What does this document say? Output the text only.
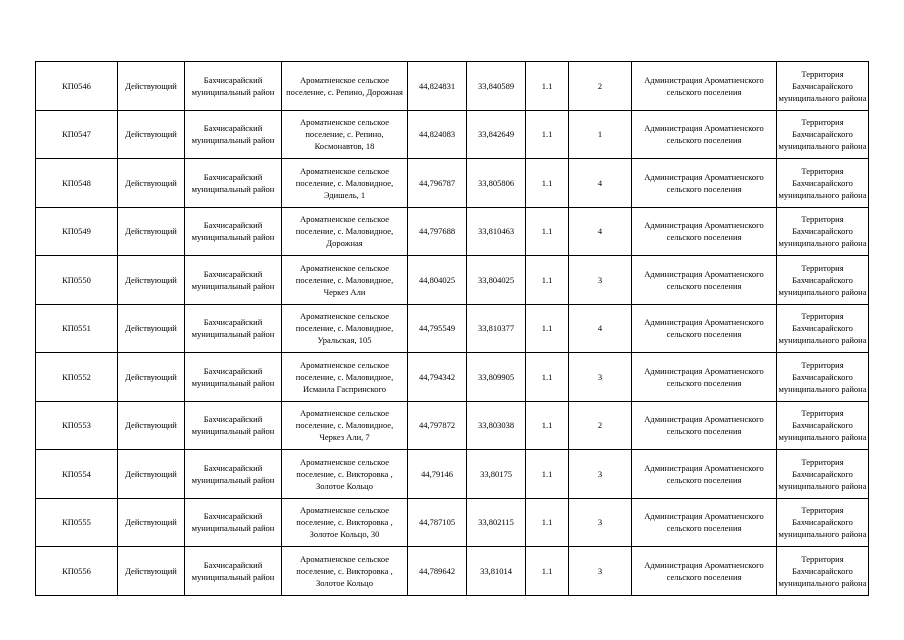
КП0546	Действующий	Бахчисарайский муниципальный район	Ароматненское сельское поселение, с. Репино, Дорожная	44,824831	33,840589	1.1	2	Администрация Ароматненского сельского поселения	Территория Бахчисарайского муниципального района
КП0547	Действующий	Бахчисарайский муниципальный район	Ароматненское сельское поселение, с. Репино, Космонавтов, 18	44,824083	33,842649	1.1	1	Администрация Ароматненского сельского поселения	Территория Бахчисарайского муниципального района
КП0548	Действующий	Бахчисарайский муниципальный район	Ароматненское сельское поселение, с. Маловидное, Эдишель, 1	44,796787	33,805806	1.1	4	Администрация Ароматненского сельского поселения	Территория Бахчисарайского муниципального района
КП0549	Действующий	Бахчисарайский муниципальный район	Ароматненское сельское поселение, с. Маловидное, Дорожная	44,797688	33,810463	1.1	4	Администрация Ароматненского сельского поселения	Территория Бахчисарайского муниципального района
КП0550	Действующий	Бахчисарайский муниципальный район	Ароматненское сельское поселение, с. Маловидное, Черкез Али	44,804025	33,804025	1.1	3	Администрация Ароматненского сельского поселения	Территория Бахчисарайского муниципального района
КП0551	Действующий	Бахчисарайский муниципальный район	Ароматненское сельское поселение, с. Маловидное, Уральская, 105	44,795549	33,810377	1.1	4	Администрация Ароматненского сельского поселения	Территория Бахчисарайского муниципального района
КП0552	Действующий	Бахчисарайский муниципальный район	Ароматненское сельское поселение, с. Маловидное, Исмаила Гаспринского	44,794342	33,809905	1.1	3	Администрация Ароматненского сельского поселения	Территория Бахчисарайского муниципального района
КП0553	Действующий	Бахчисарайский муниципальный район	Ароматненское сельское поселение, с. Маловидное, Черкез Али, 7	44,797872	33,803038	1.1	2	Администрация Ароматненского сельского поселения	Территория Бахчисарайского муниципального района
КП0554	Действующий	Бахчисарайский муниципальный район	Ароматненское сельское поселение, с. Викторовка , Золотое Кольцо	44,79146	33,80175	1.1	3	Администрация Ароматненского сельского поселения	Территория Бахчисарайского муниципального района
КП0555	Действующий	Бахчисарайский муниципальный район	Ароматненское сельское поселение, с. Викторовка , Золотое Кольцо, 30	44,787105	33,802115	1.1	3	Администрация Ароматненского сельского поселения	Территория Бахчисарайского муниципального района
КП0556	Действующий	Бахчисарайский муниципальный район	Ароматненское сельское поселение, с. Викторовка , Золотое Кольцо	44,789642	33,81014	1.1	3	Администрация Ароматненского сельского поселения	Территория Бахчисарайского муниципального района
